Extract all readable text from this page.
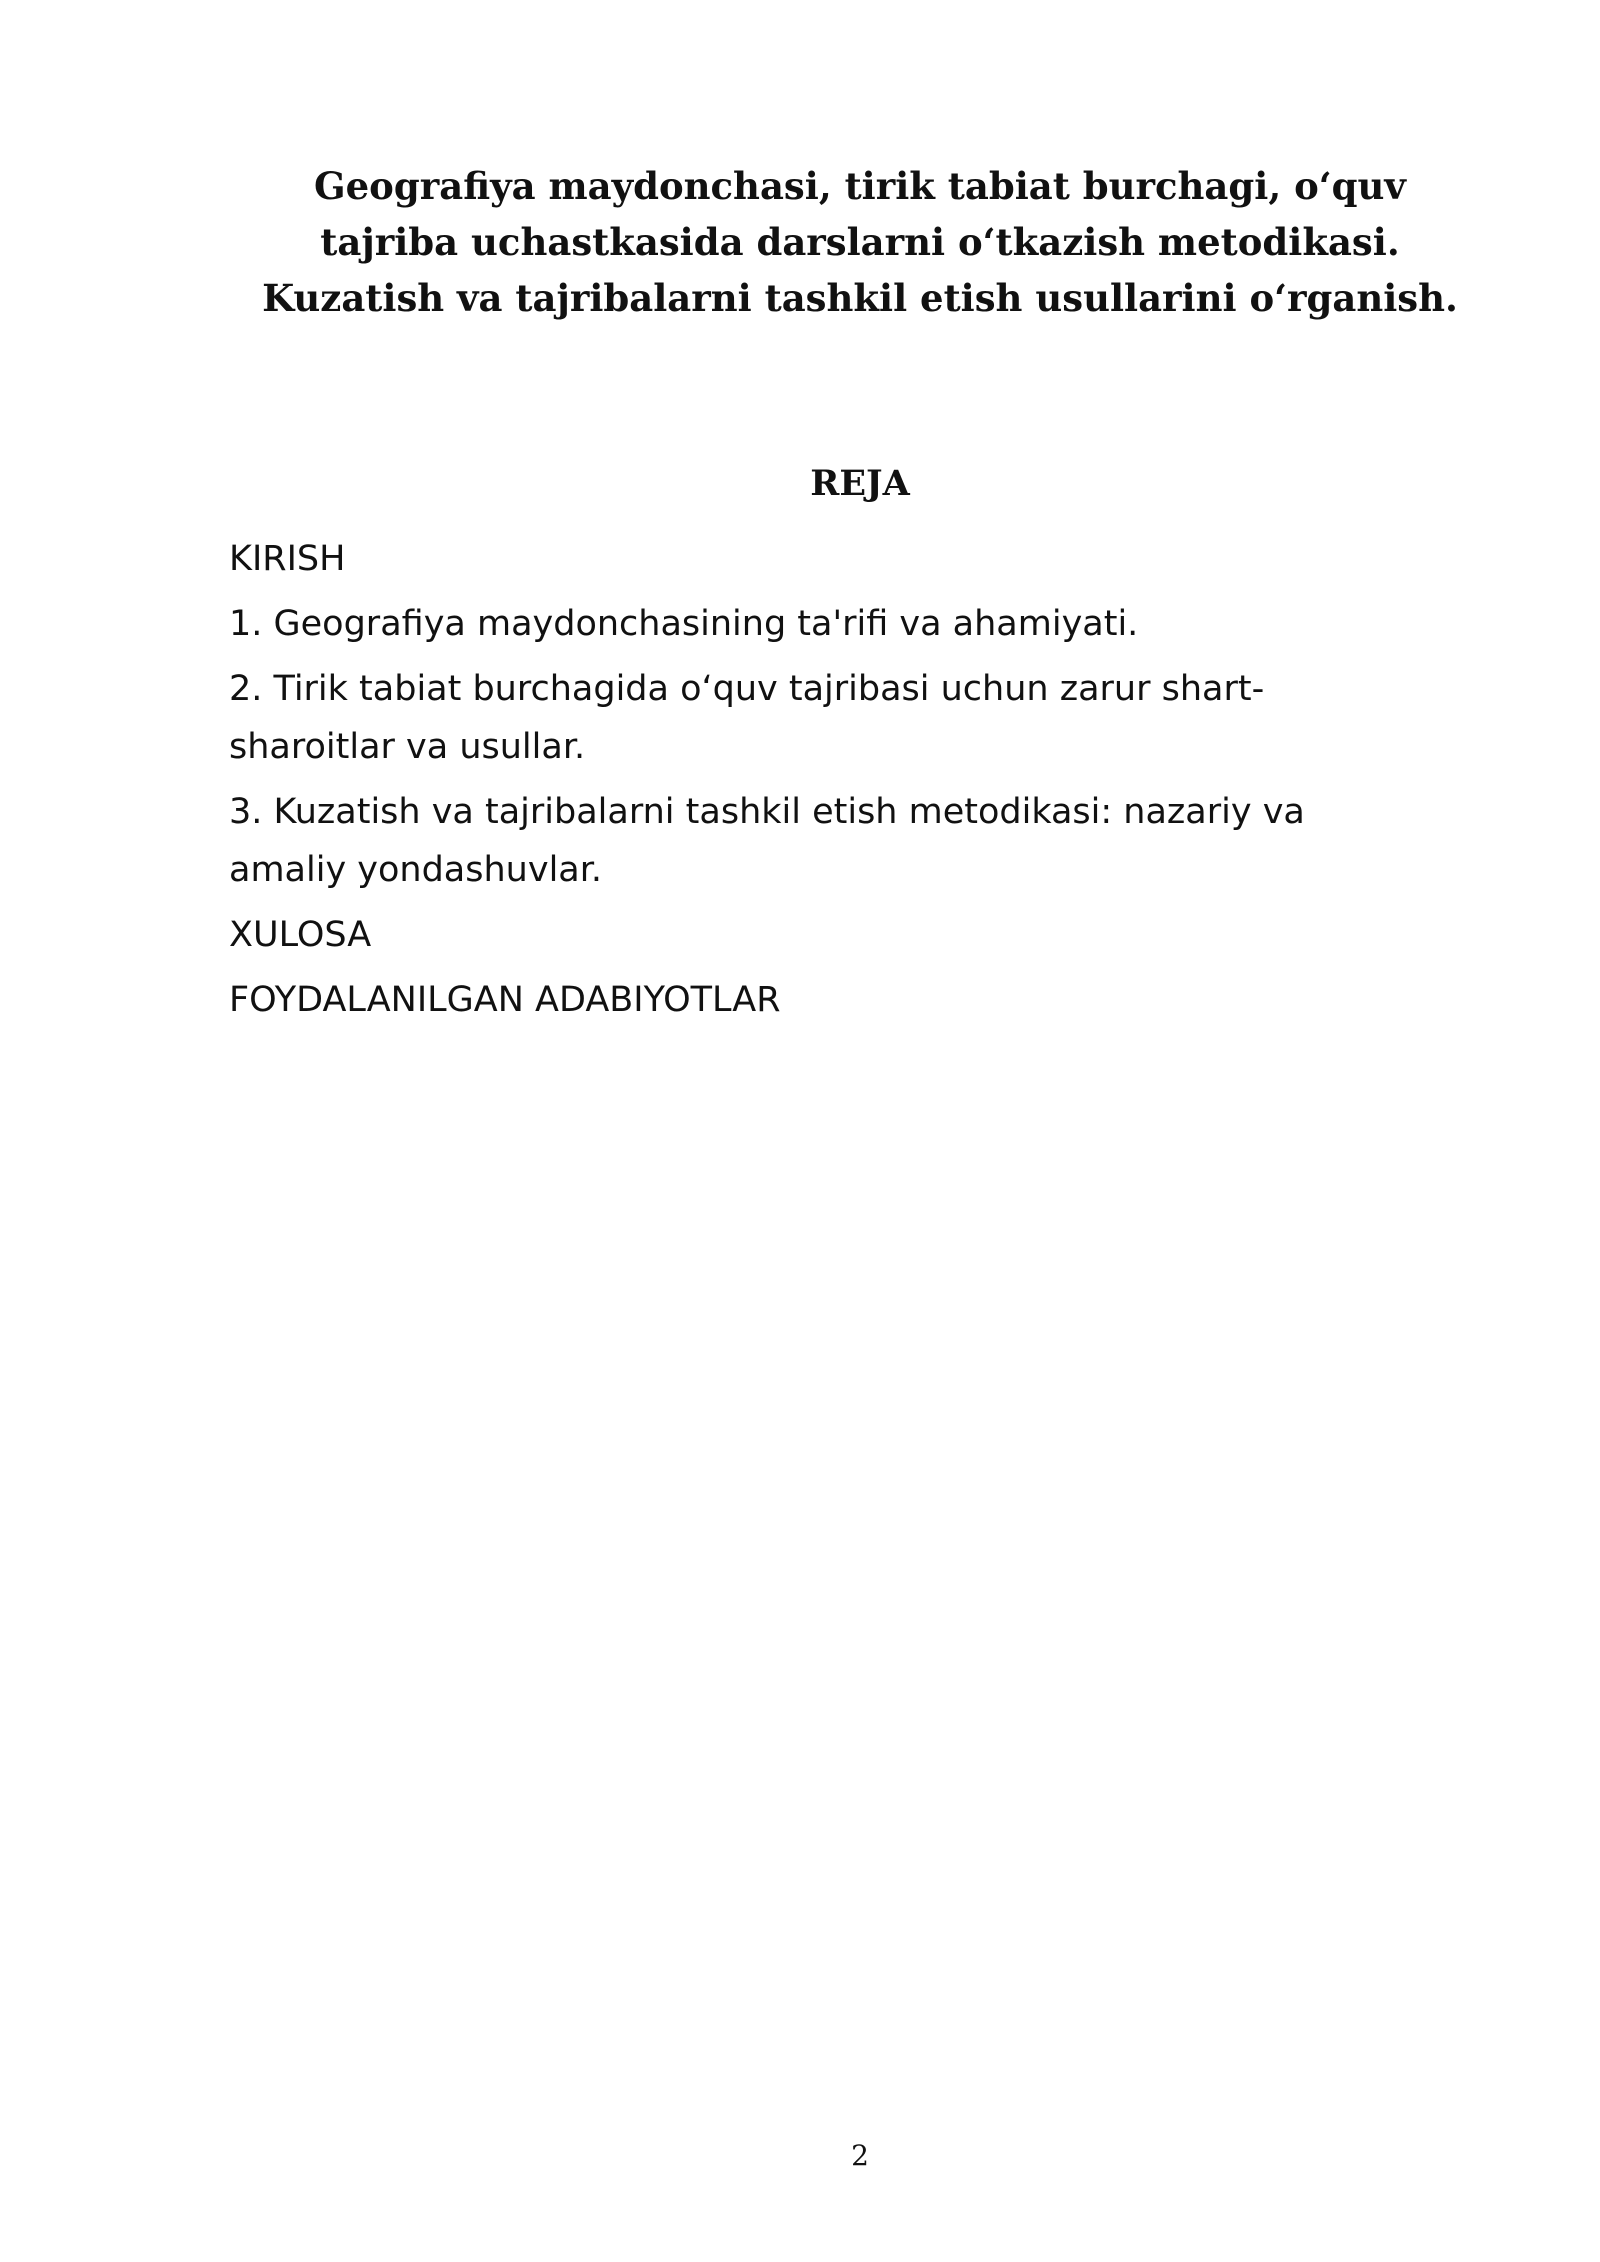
Geografiya maydonchasi, tirik tabiat burchagi, o‘quv
tajriba uchastkasida darslarni o‘tkazish metodikasi.
Kuzatish va tajribalarni tashkil etish usullarini o‘rganish.
REJA
KIRISH
1. Geografiya maydonchasining ta'rifi va ahamiyati.
2. Tirik tabiat burchagida o‘quv tajribasi uchun zarur shart-
sharoitlar va usullar.
3. Kuzatish va tajribalarni tashkil etish metodikasi: nazariy va
amaliy yondashuvlar.
XULOSA
FOYDALANILGAN ADABIYOTLAR
2
